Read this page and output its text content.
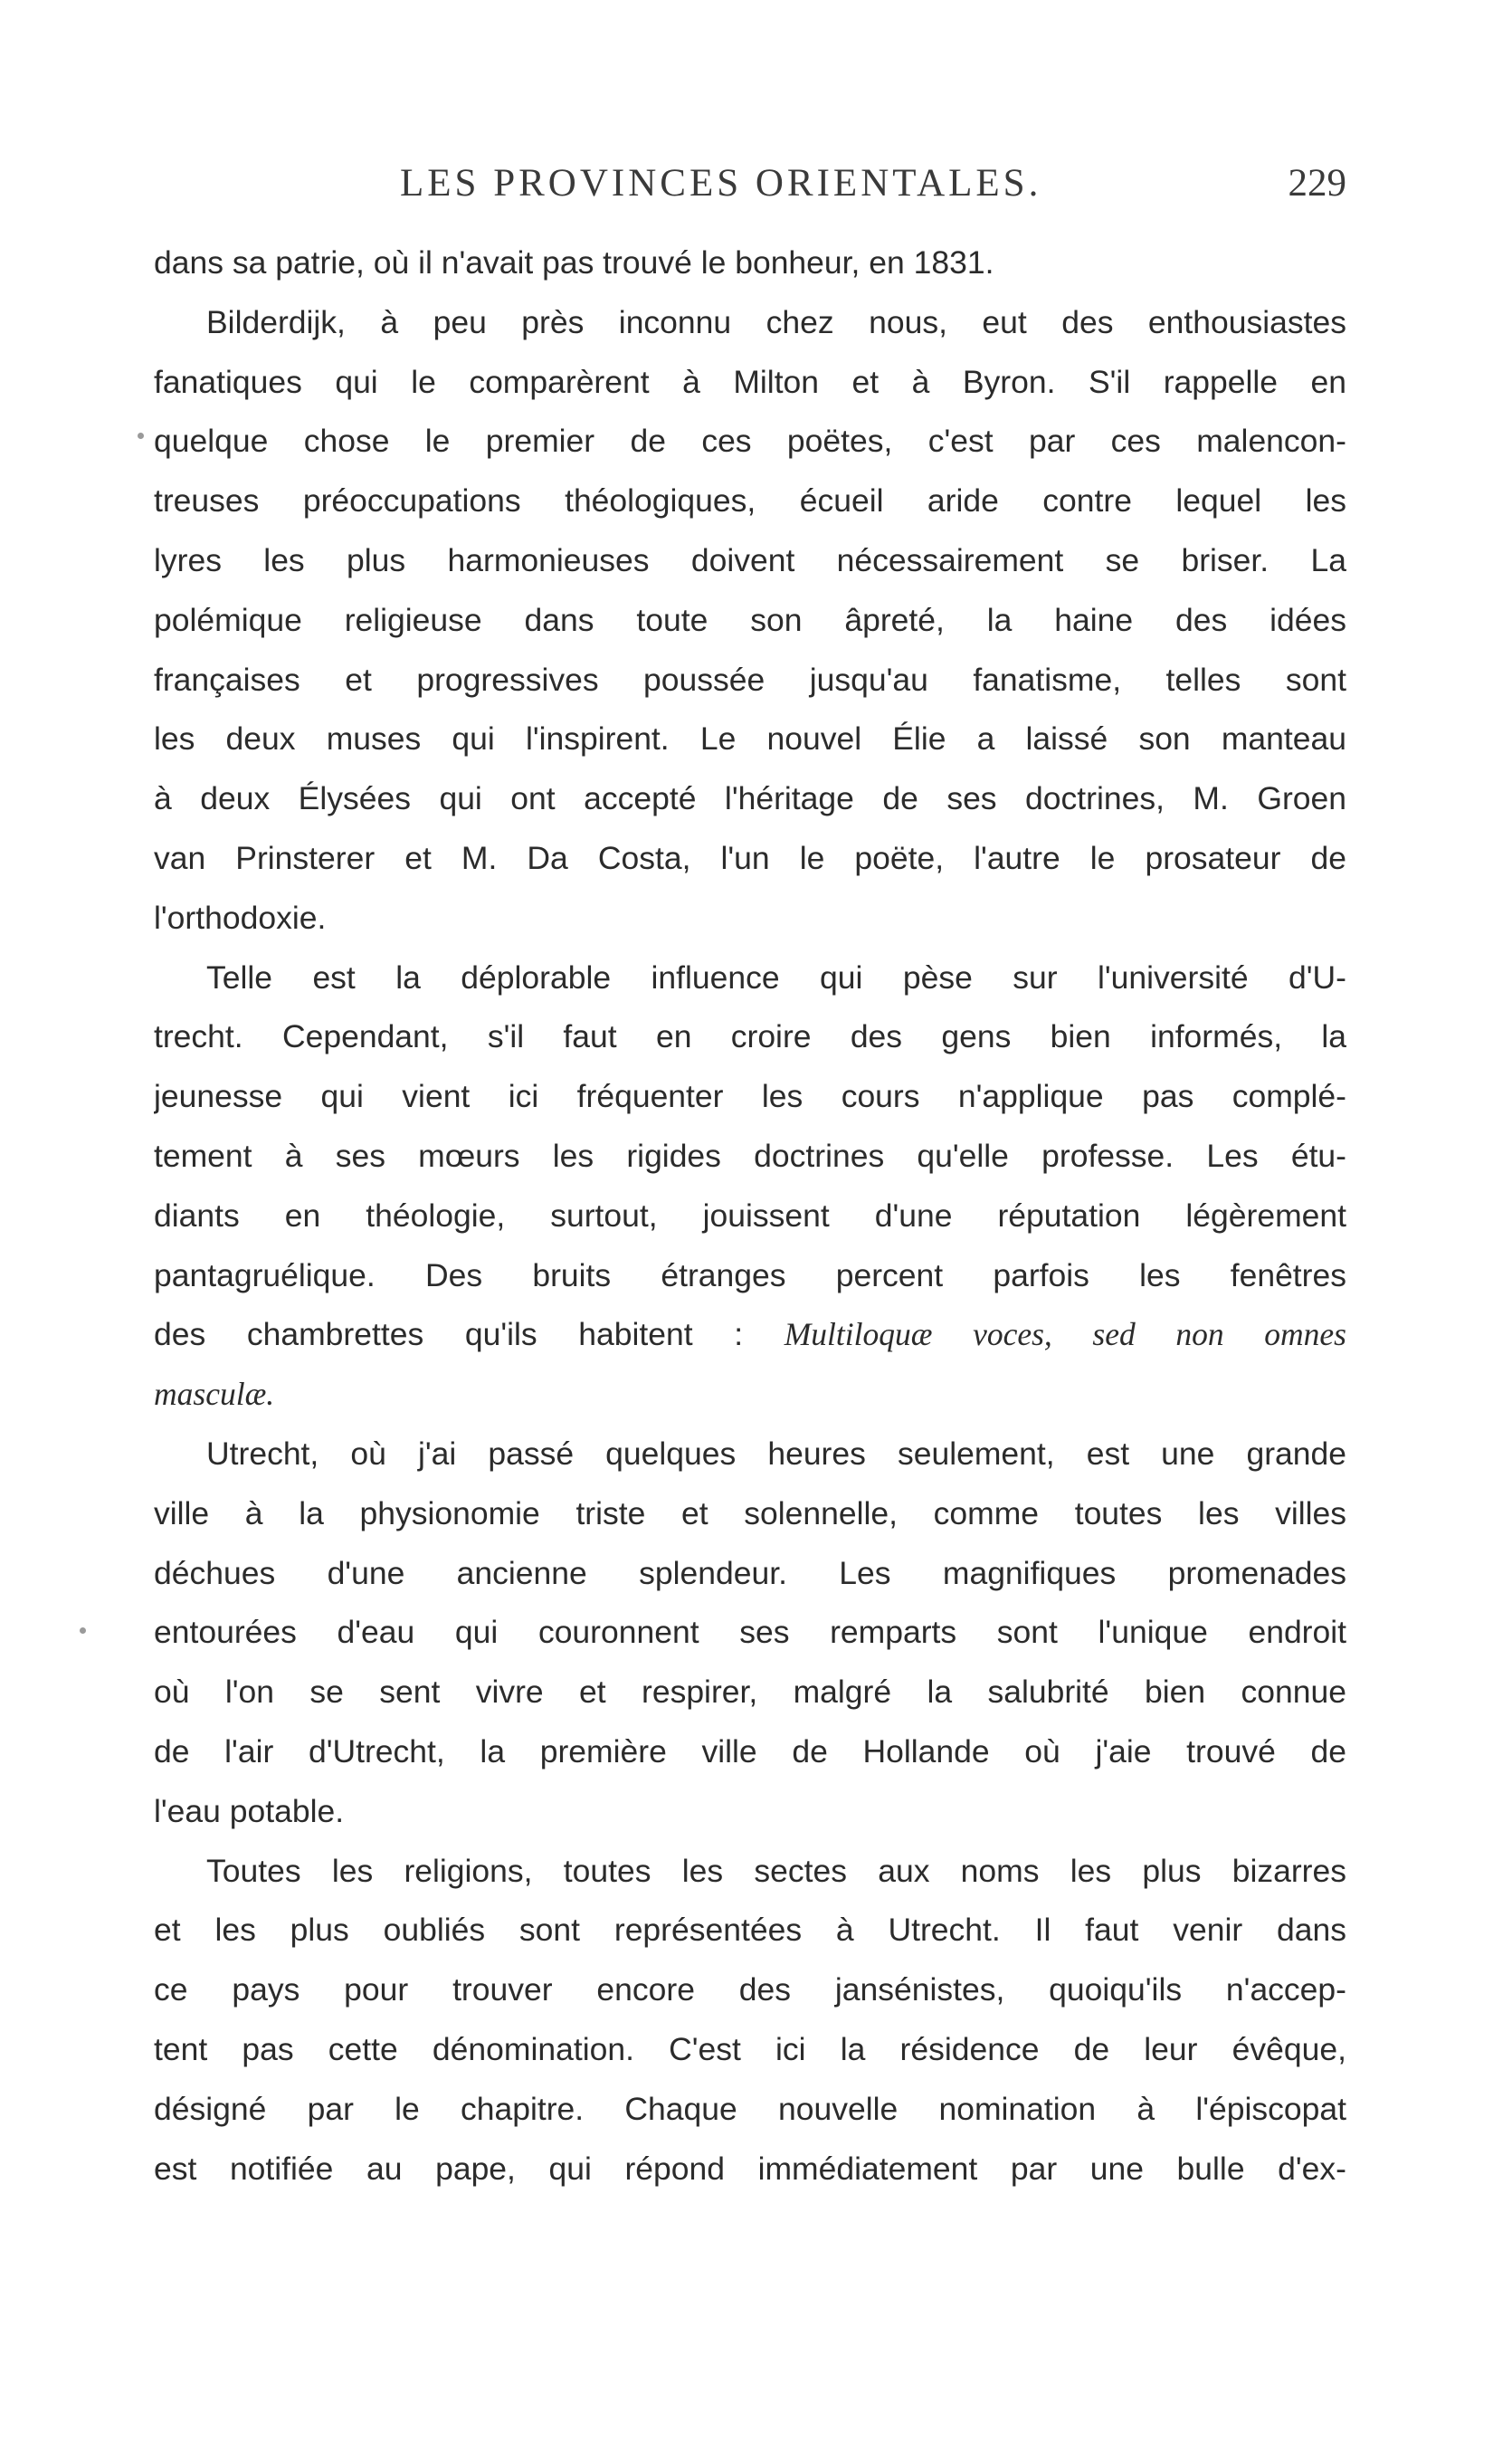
LES PROVINCES ORIENTALES.	229
dans sa patrie, où il n'avait pas trouvé le bonheur, en 1831.
Bilderdijk, à peu près inconnu chez nous, eut des enthousiastes
fanatiques qui le comparèrent à Milton et à Byron. S'il rappelle en
quelque chose le premier de ces poëtes, c'est par ces malencon-
treuses préoccupations théologiques, écueil aride contre lequel les
lyres les plus harmonieuses doivent nécessairement se briser. La
polémique religieuse dans toute son âpreté, la haine des idées
françaises et progressives poussée jusqu'au fanatisme, telles sont
les deux muses qui l'inspirent. Le nouvel Élie a laissé son manteau
à deux Élysées qui ont accepté l'héritage de ses doctrines, M. Groen
van Prinsterer et M. Da Costa, l'un le poëte, l'autre le prosateur de
l'orthodoxie.
Telle est la déplorable influence qui pèse sur l'université d'U-
trecht. Cependant, s'il faut en croire des gens bien informés, la
jeunesse qui vient ici fréquenter les cours n'applique pas complé-
tement à ses mœurs les rigides doctrines qu'elle professe. Les étu-
diants en théologie, surtout, jouissent d'une réputation légèrement
pantagruélique. Des bruits étranges percent parfois les fenêtres
des chambrettes qu'ils habitent : Multiloquæ voces, sed non omnes
masculæ.
Utrecht, où j'ai passé quelques heures seulement, est une grande
ville à la physionomie triste et solennelle, comme toutes les villes
déchues d'une ancienne splendeur. Les magnifiques promenades
entourées d'eau qui couronnent ses remparts sont l'unique endroit
où l'on se sent vivre et respirer, malgré la salubrité bien connue
de l'air d'Utrecht, la première ville de Hollande où j'aie trouvé de
l'eau potable.
Toutes les religions, toutes les sectes aux noms les plus bizarres
et les plus oubliés sont représentées à Utrecht. Il faut venir dans
ce pays pour trouver encore des jansénistes, quoiqu'ils n'accep-
tent pas cette dénomination. C'est ici la résidence de leur évêque,
désigné par le chapitre. Chaque nouvelle nomination à l'épiscopat
est notifiée au pape, qui répond immédiatement par une bulle d'ex-
